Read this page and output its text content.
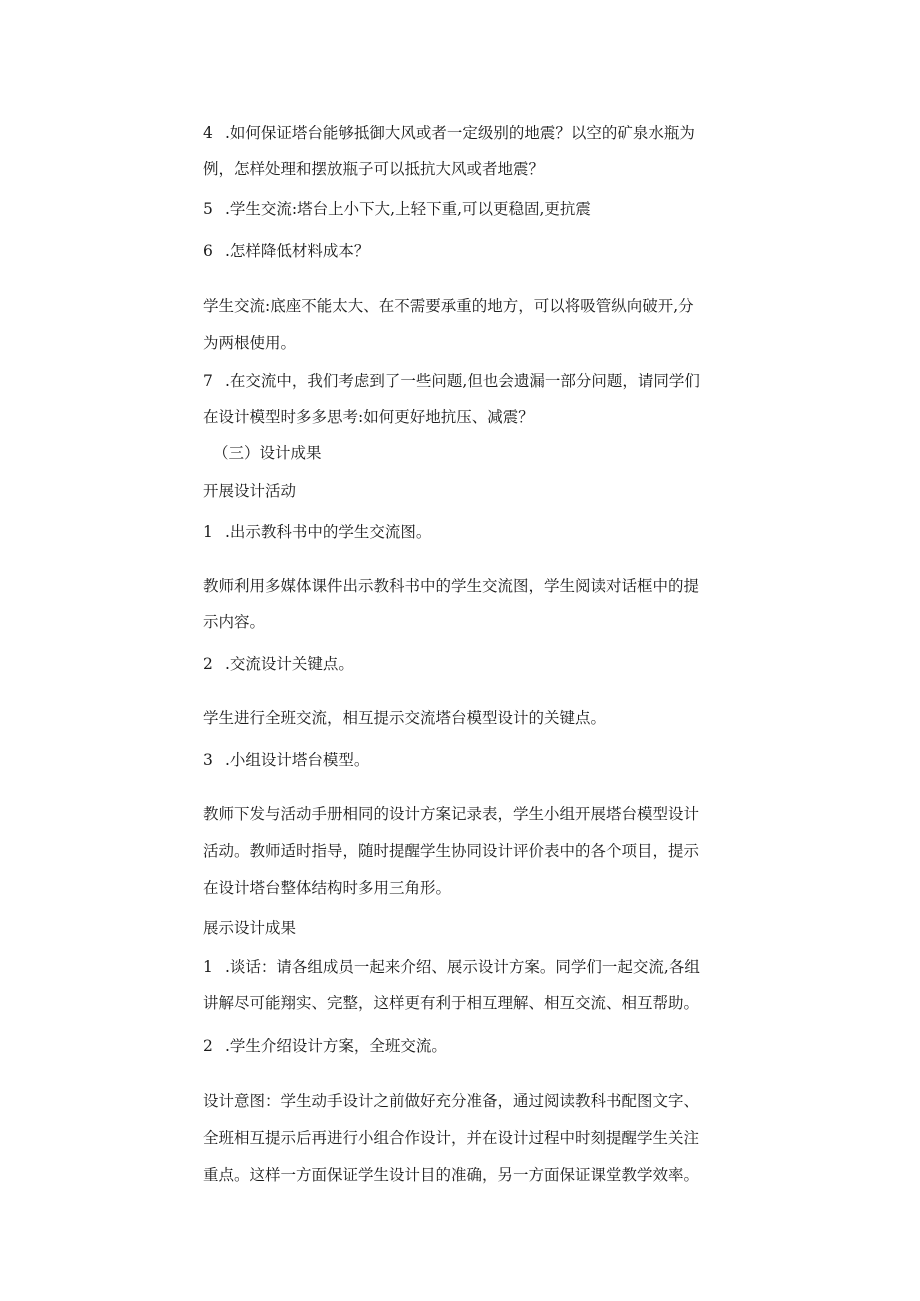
4 .如何保证塔台能够抵御大风或者一定级别的地震？以空的矿泉水瓶为
例，怎样处理和摆放瓶子可以抵抗大风或者地震？
5 .学生交流:塔台上小下大,上轻下重,可以更稳固,更抗震
6 .怎样降低材料成本？
学生交流:底座不能太大、在不需要承重的地方，可以将吸管纵向破开,分
为两根使用。
7 .在交流中，我们考虑到了一些问题,但也会遗漏一部分问题，请同学们
在设计模型时多多思考:如何更好地抗压、减震？
（三）设计成果
开展设计活动
1 .出示教科书中的学生交流图。
教师利用多媒体课件出示教科书中的学生交流图，学生阅读对话框中的提
示内容。
2 .交流设计关键点。
学生进行全班交流，相互提示交流塔台模型设计的关键点。
3 .小组设计塔台模型。
教师下发与活动手册相同的设计方案记录表，学生小组开展塔台模型设计
活动。教师适时指导，随时提醒学生协同设计评价表中的各个项目，提示
在设计塔台整体结构时多用三角形。
展示设计成果
1 .谈话：请各组成员一起来介绍、展示设计方案。同学们一起交流,各组
讲解尽可能翔实、完整，这样更有利于相互理解、相互交流、相互帮助。
2 .学生介绍设计方案，全班交流。
设计意图：学生动手设计之前做好充分准备，通过阅读教科书配图文字、
全班相互提示后再进行小组合作设计，并在设计过程中时刻提醒学生关注
重点。这样一方面保证学生设计目的准确，另一方面保证课堂教学效率。
